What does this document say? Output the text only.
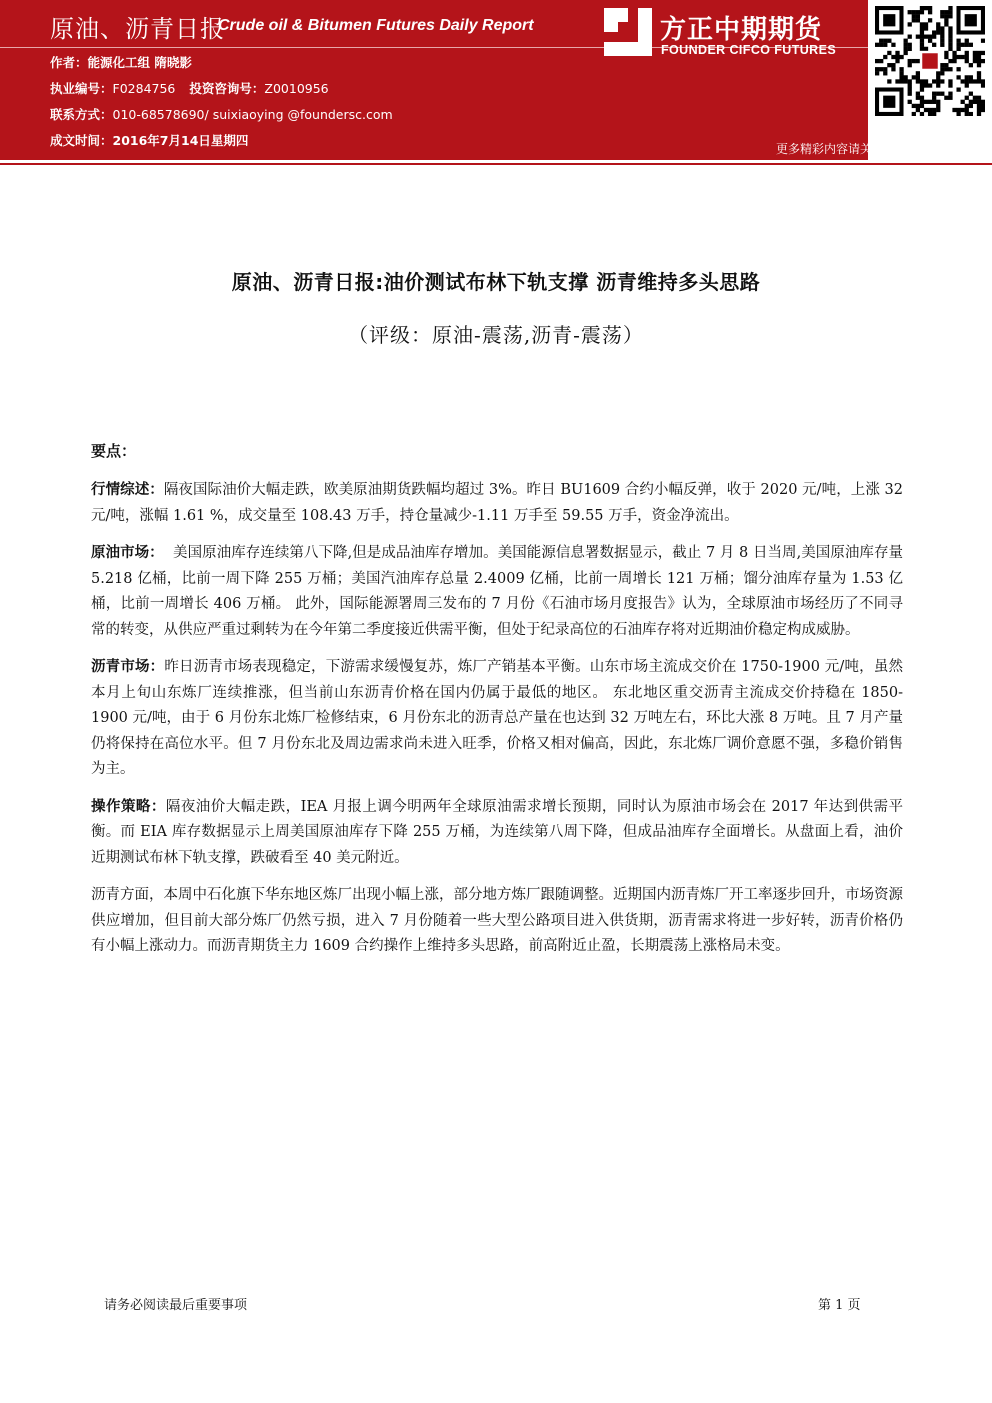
原油、沥青日报
Crude oil & Bitumen Futures Daily Report
作者：能源化工组 隋晓影
执业编号：F0284756 投资咨询号：Z0010956
联系方式：010-68578690/ suixiaoying @foundersc.com
成文时间：2016年7月14日星期四
方正中期期货
FOUNDER CIFCO FUTURES
更多精彩内容请关注方正中期官方微信
原油、沥青日报:油价测试布林下轨支撑 沥青维持多头思路
（评级：原油-震荡,沥青-震荡）
要点：

行情综述：隔夜国际油价大幅走跌，欧美原油期货跌幅均超过 3%。昨日 BU1609 合约小幅反弹，收于 2020 元/吨，上涨 32 元/吨，涨幅 1.61 %，成交量至 108.43 万手，持仓量减少-1.11 万手至 59.55 万手，资金净流出。

原油市场：  美国原油库存连续第八下降,但是成品油库存增加。美国能源信息署数据显示，截止 7 月 8 日当周,美国原油库存量 5.218 亿桶，比前一周下降 255 万桶；美国汽油库存总量 2.4009 亿桶，比前一周增长 121 万桶；馏分油库存量为 1.53 亿桶，比前一周增长 406 万桶。 此外，国际能源署周三发布的 7 月份《石油市场月度报告》认为，全球原油市场经历了不同寻常的转变，从供应严重过剩转为在今年第二季度接近供需平衡，但处于纪录高位的石油库存将对近期油价稳定构成威胁。

沥青市场：昨日沥青市场表现稳定，下游需求缓慢复苏，炼厂产销基本平衡。山东市场主流成交价在 1750-1900 元/吨，虽然本月上旬山东炼厂连续推涨，但当前山东沥青价格在国内仍属于最低的地区。 东北地区重交沥青主流成交价持稳在 1850-1900 元/吨，由于 6 月份东北炼厂检修结束，6 月份东北的沥青总产量在也达到 32 万吨左右，环比大涨 8 万吨。且 7 月产量仍将保持在高位水平。但 7 月份东北及周边需求尚未进入旺季，价格又相对偏高，因此，东北炼厂调价意愿不强，多稳价销售为主。

操作策略：隔夜油价大幅走跌，IEA 月报上调今明两年全球原油需求增长预期，同时认为原油市场会在 2017 年达到供需平衡。而 EIA 库存数据显示上周美国原油库存下降 255 万桶，为连续第八周下降，但成品油库存全面增长。从盘面上看，油价近期测试布林下轨支撑，跌破看至 40 美元附近。

沥青方面，本周中石化旗下华东地区炼厂出现小幅上涨，部分地方炼厂跟随调整。近期国内沥青炼厂开工率逐步回升，市场资源供应增加，但目前大部分炼厂仍然亏损，进入 7 月份随着一些大型公路项目进入供货期，沥青需求将进一步好转，沥青价格仍有小幅上涨动力。而沥青期货主力 1609 合约操作上维持多头思路，前高附近止盈，长期震荡上涨格局未变。

请务必阅读最后重要事项	第 1 页
